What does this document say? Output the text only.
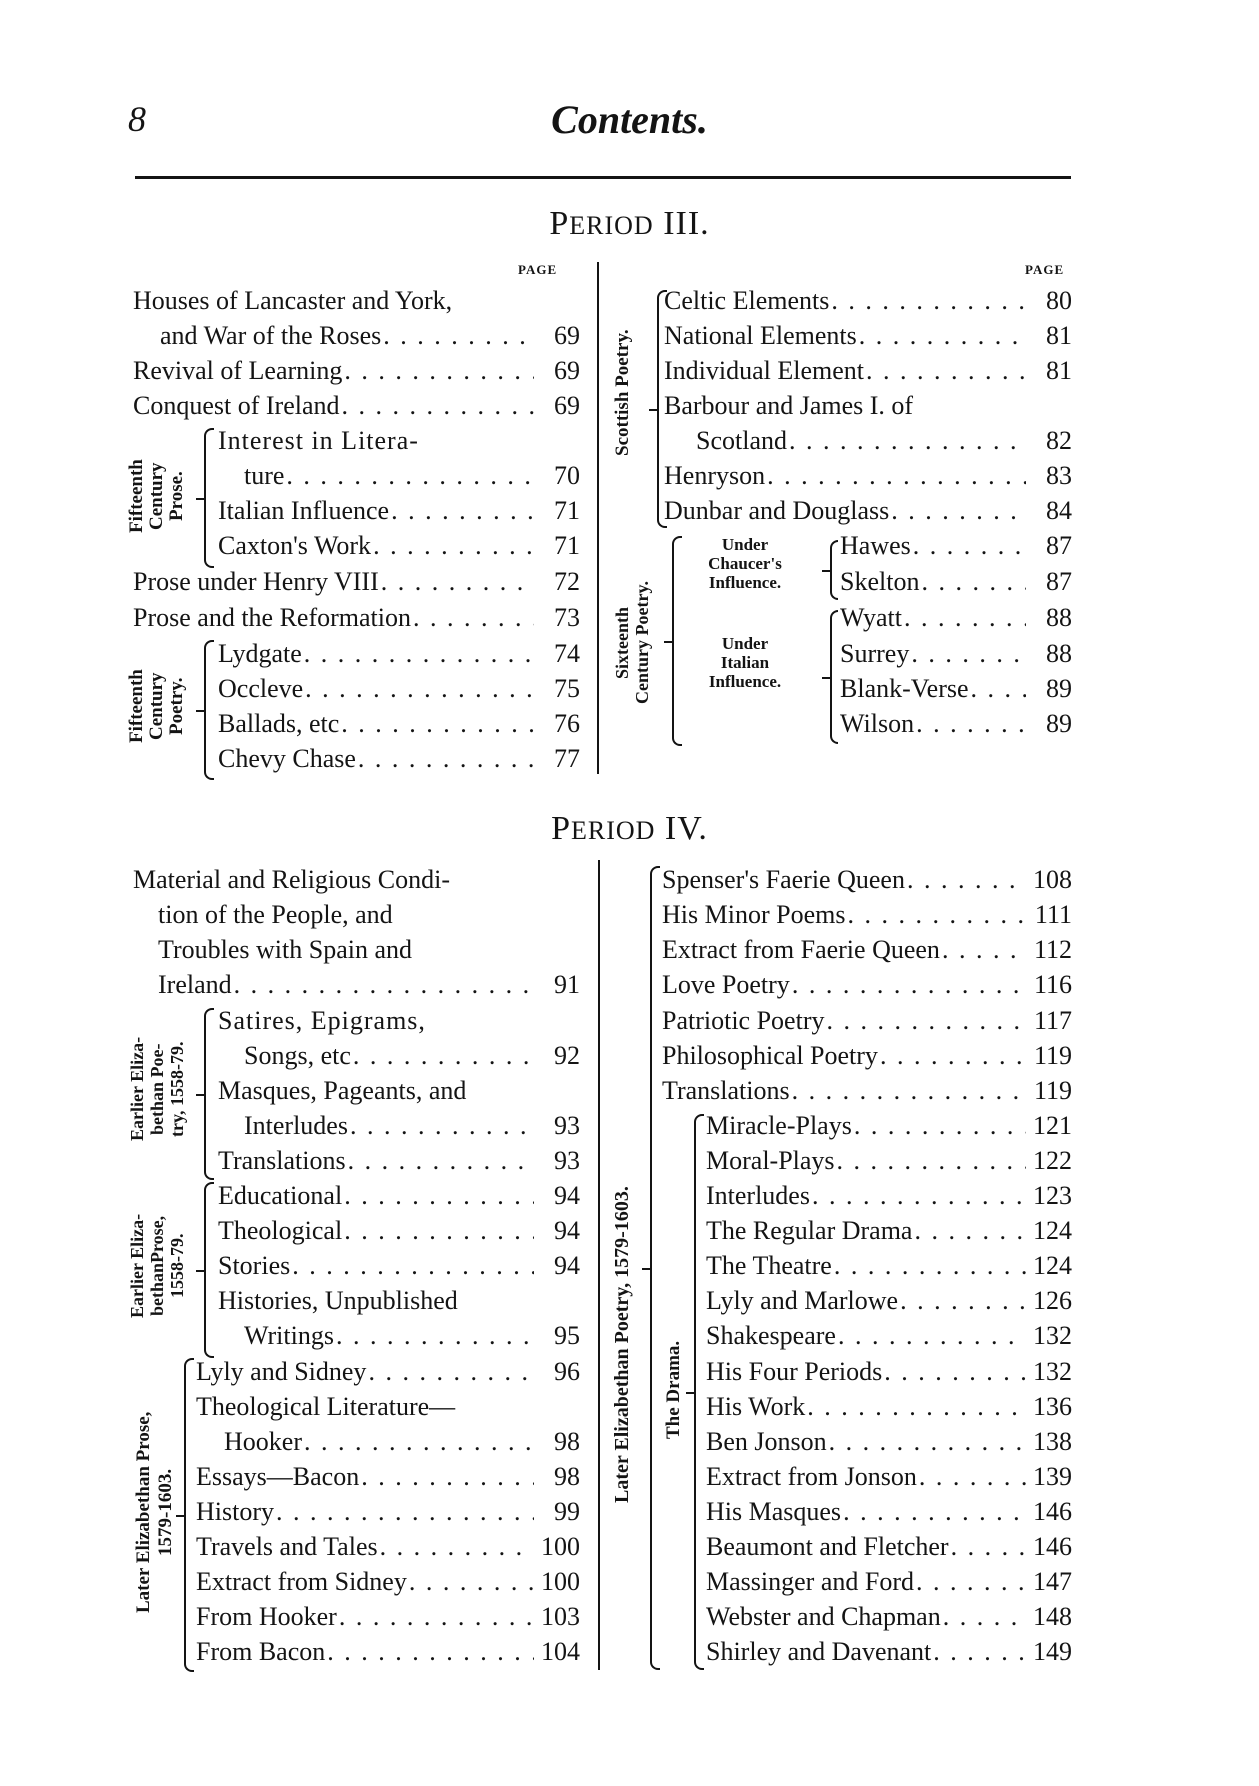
8	Contents.
PERIOD III.
PAGE	PAGE
Houses of Lancaster and York,
and War of the Roses . . .	69
Revival of Learning . . .	69
Conquest of Ireland . . .	69
Fifteenth
Century
Prose.
Interest in Litera-
ture . . .	70
Italian Influence . . .	71
Caxton's Work . . .	71
Prose under Henry VIII . . .	72
Prose and the Reformation . . .	73
Fifteenth
Century
Poetry.
Lydgate . . .	74
Occleve . . .	75
Ballads, etc . . .	76
Chevy Chase . . .	77
Scottish Poetry.
Celtic Elements . . .	80
National Elements . . .	81
Individual Element . . .	81
Barbour and James I. of
Scotland . . .	82
Henryson . . .	83
Dunbar and Douglass . . .	84
Sixteenth
Century Poetry.
Under
Chaucer's
Influence.
Hawes . . .	87
Skelton . . .	87
Under
Italian
Influence.
Wyatt . . .	88
Surrey . . .	88
Blank-Verse . . .	89
Wilson . . .	89
PERIOD IV.
Material and Religious Condi-
tion of the People, and
Troubles with Spain and
Ireland . . .	91
Earlier Eliza-
bethan Poe-
try, 1558-79.
Satires, Epigrams,
Songs, etc . . .	92
Masques, Pageants, and
Interludes . . .	93
Translations . . .	93
Earlier Eliza-
bethanProse,
1558-79.
Educational . . .	94
Theological . . .	94
Stories . . .	94
Histories, Unpublished
Writings . . .	95
Later Elizabethan Prose,
1579-1603.
Lyly and Sidney . . .	96
Theological Literature—
Hooker . . .	98
Essays—Bacon . . .	98
History . . .	99
Travels and Tales . . .	100
Extract from Sidney . . .	100
From Hooker . . .	103
From Bacon . . .	104
Later Elizabethan Poetry, 1579-1603.
Spenser's Faerie Queen . . .	108
His Minor Poems . . .	111
Extract from Faerie Queen . . .	112
Love Poetry . . .	116
Patriotic Poetry . . .	117
Philosophical Poetry . . .	119
Translations . . .	119
The Drama.
Miracle-Plays . . .	121
Moral-Plays . . .	122
Interludes . . .	123
The Regular Drama . . .	124
The Theatre . . .	124
Lyly and Marlowe . . .	126
Shakespeare . . .	132
His Four Periods . . .	132
His Work . . .	136
Ben Jonson . . .	138
Extract from Jonson . . .	139
His Masques . . .	146
Beaumont and Fletcher . . .	146
Massinger and Ford . . .	147
Webster and Chapman . . .	148
Shirley and Davenant . . .	149
